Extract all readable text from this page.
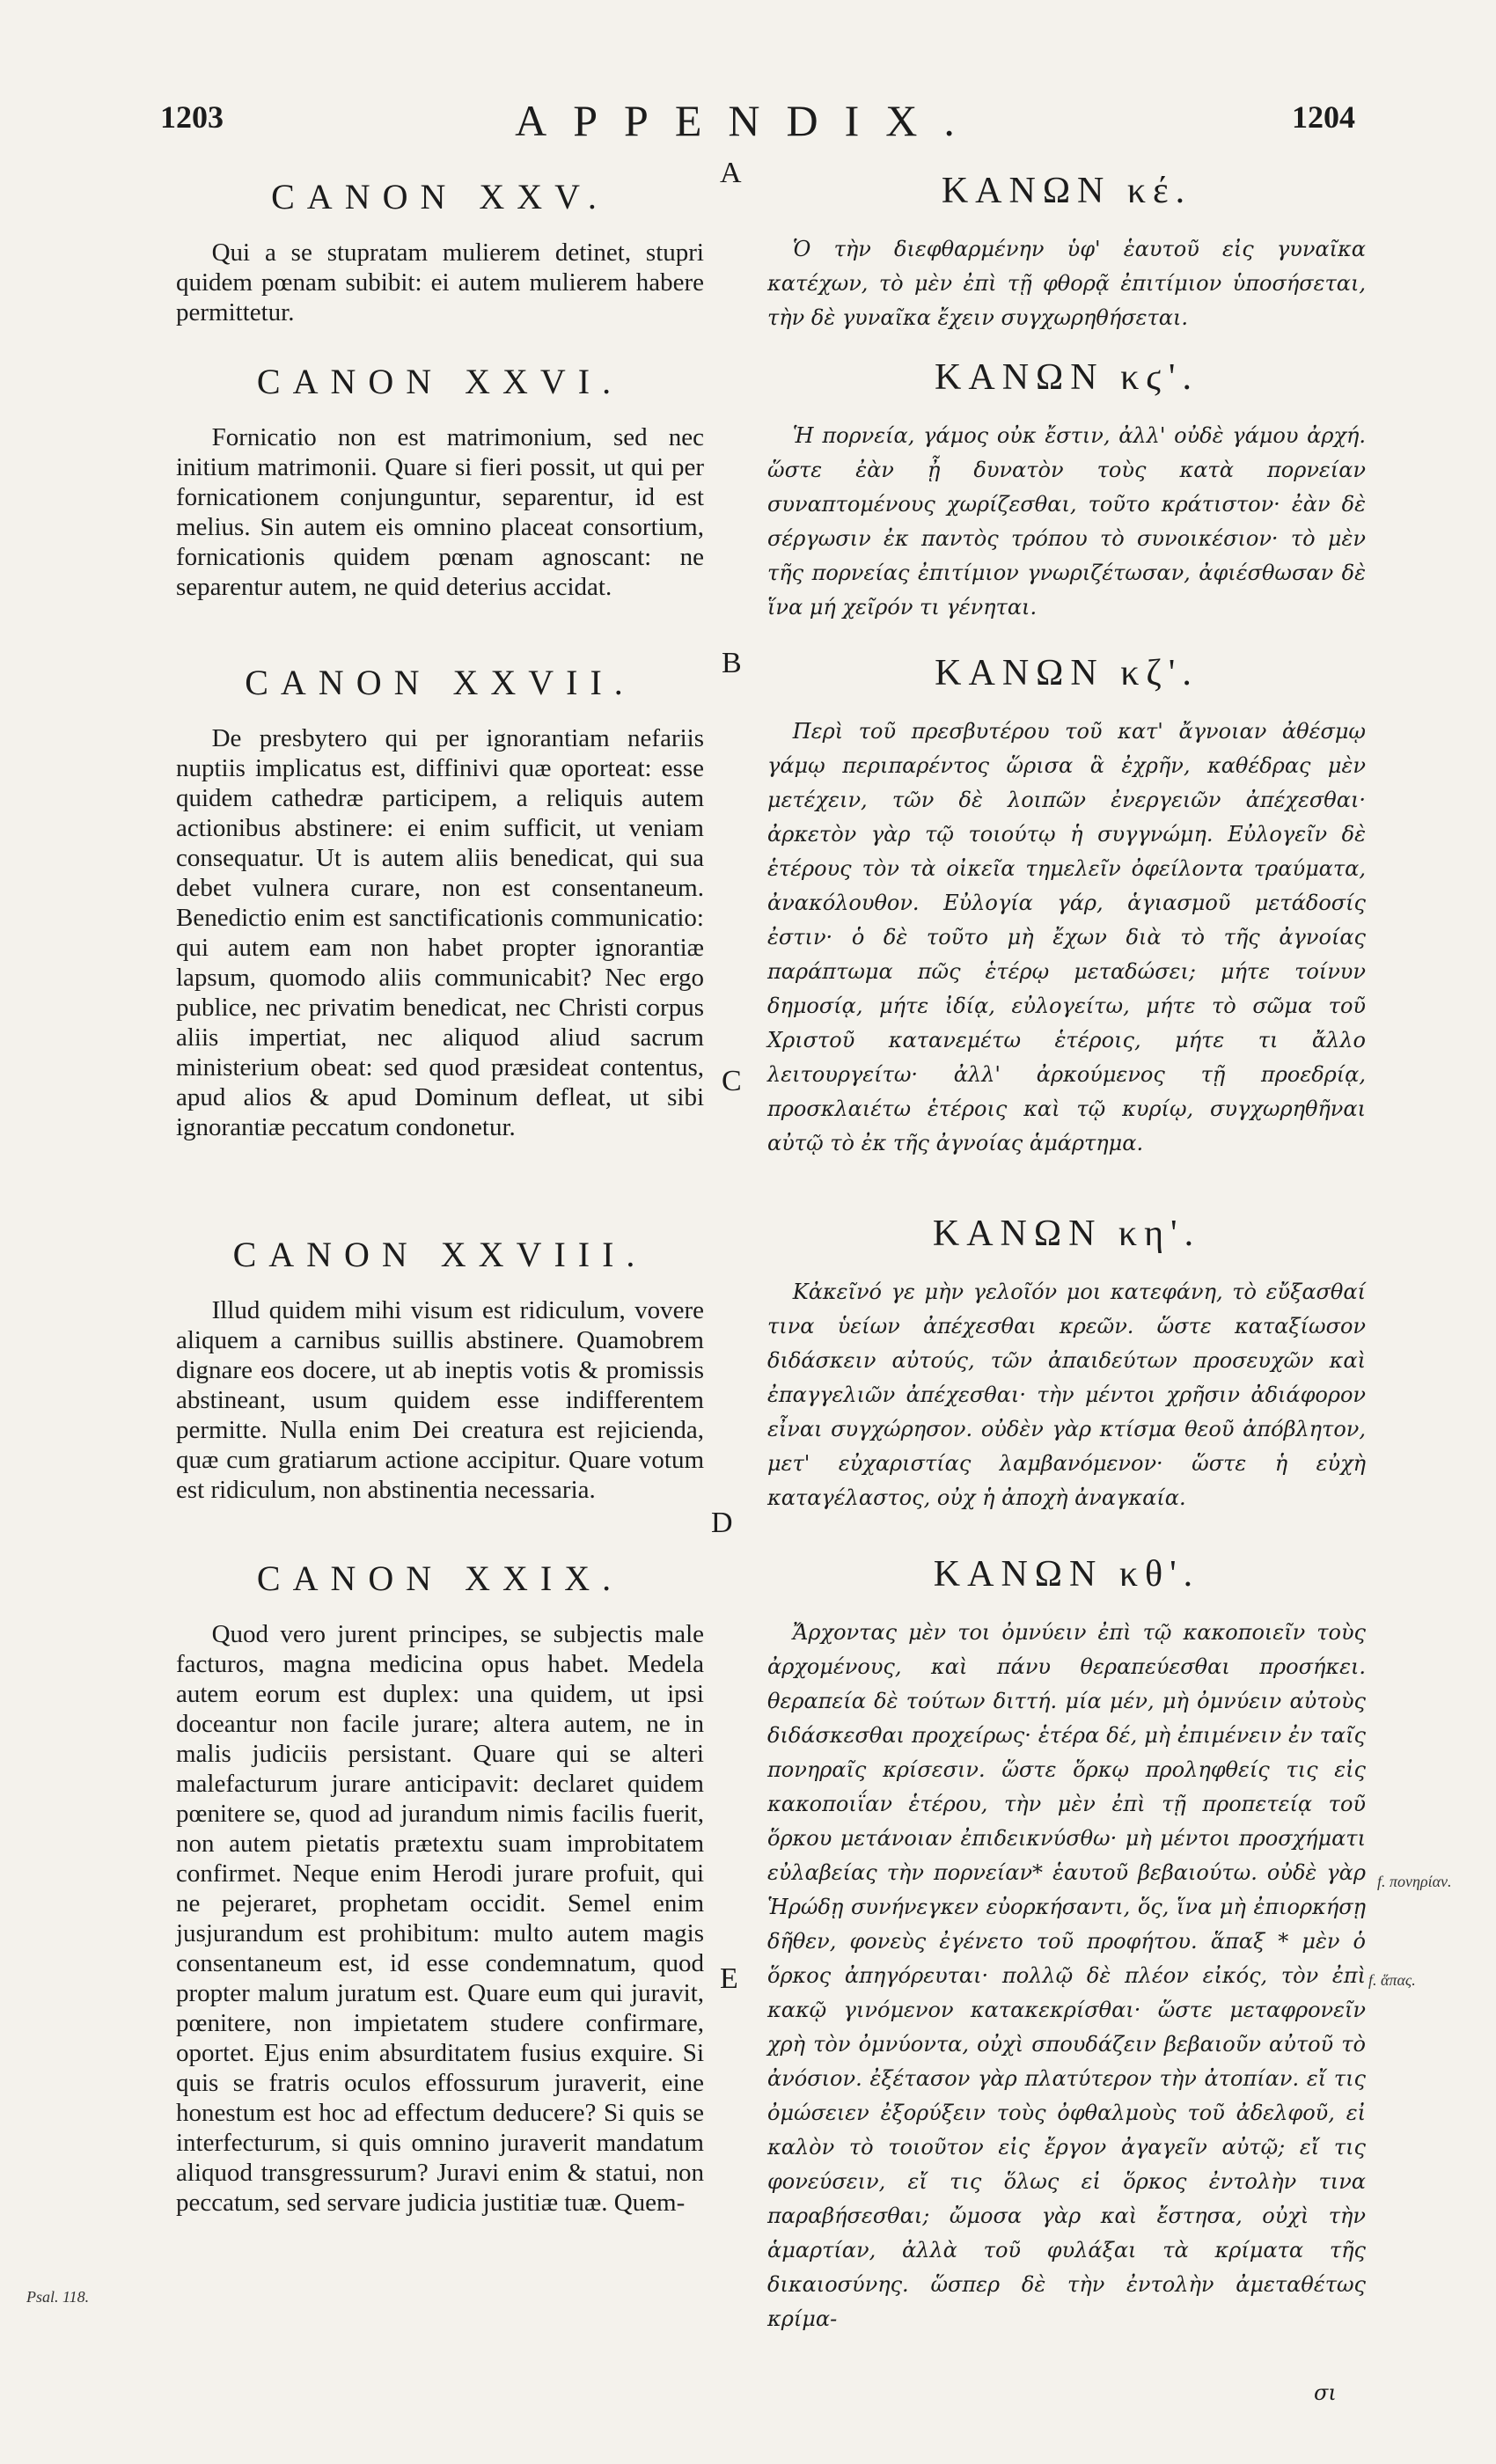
1203	APPENDIX.	1204
A
B
C
D
E
CANON XXV.
Qui a se stupratam mulierem detinet, stupri quidem pœnam subibit: ei autem mulierem habere permittetur.
CANON XXVI.
Fornicatio non est matrimonium, sed nec initium matrimonii. Quare si fieri possit, ut qui per fornicationem conjunguntur, separentur, id est melius. Sin autem eis omnino placeat consortium, fornicationis quidem pœnam agnoscant: ne separentur autem, ne quid deterius accidat.
CANON XXVII.
De presbytero qui per ignorantiam nefariis nuptiis implicatus est, diffinivi quæ oporteat: esse quidem cathedræ participem, a reliquis autem actionibus abstinere: ei enim sufficit, ut veniam consequatur. Ut is autem aliis benedicat, qui sua debet vulnera curare, non est consentaneum. Benedictio enim est sanctificationis communicatio: qui autem eam non habet propter ignorantiæ lapsum, quomodo aliis communicabit? Nec ergo publice, nec privatim benedicat, nec Christi corpus aliis impertiat, nec aliquod aliud sacrum ministerium obeat: sed quod præsideat contentus, apud alios & apud Dominum defleat, ut sibi ignorantiæ peccatum condonetur.
CANON XXVIII.
Illud quidem mihi visum est ridiculum, vovere aliquem a carnibus suillis abstinere. Quamobrem dignare eos docere, ut ab ineptis votis & promissis abstineant, usum quidem esse indifferentem permitte. Nulla enim Dei creatura est rejicienda, quæ cum gratiarum actione accipitur. Quare votum est ridiculum, non abstinentia necessaria.
CANON XXIX.
Quod vero jurent principes, se subjectis male facturos, magna medicina opus habet. Medela autem eorum est duplex: una quidem, ut ipsi doceantur non facile jurare; altera autem, ne in malis judiciis persistant. Quare qui se alteri malefacturum jurare anticipavit: declaret quidem pœnitere se, quod ad jurandum nimis facilis fuerit, non autem pietatis prætextu suam improbitatem confirmet. Neque enim Herodi jurare profuit, qui ne pejeraret, prophetam occidit. Semel enim jusjurandum est prohibitum: multo autem magis consentaneum est, id esse condemnatum, quod propter malum juratum est. Quare eum qui juravit, pœnitere, non impietatem studere confirmare, oportet. Ejus enim absurditatem fusius exquire. Si quis se fratris oculos effossurum juraverit, eine honestum est hoc ad effectum deducere? Si quis se interfecturum, si quis omnino juraverit mandatum aliquod transgressurum? Juravi enim & statui, non peccatum, sed servare judicia justitiæ tuæ. Quem-
ΚΑΝΩΝ κέ.
Ὁ τὴν διεφθαρμένην ὑφ' ἑαυτοῦ εἰς γυναῖκα κατέχων, τὸ μὲν ἐπὶ τῇ φθορᾷ ἐπιτίμιον ὑποσήσεται, τὴν δὲ γυναῖκα ἔχειν συγχωρηθήσεται.
ΚΑΝΩΝ κϛ'.
Ἡ πορνεία, γάμος οὐκ ἔστιν, ἀλλ' οὐδὲ γάμου ἀρχή. ὥστε ἐὰν ᾖ δυνατὸν τοὺς κατὰ πορνείαν συναπτομένους χωρίζεσθαι, τοῦτο κράτιστον· ἐὰν δὲ σέργωσιν ἐκ παντὸς τρόπου τὸ συνοικέσιον· τὸ μὲν τῆς πορνείας ἐπιτίμιον γνωριζέτωσαν, ἀφιέσθωσαν δὲ ἵνα μή χεῖρόν τι γένηται.
ΚΑΝΩΝ κζ'.
Περὶ τοῦ πρεσβυτέρου τοῦ κατ' ἄγνοιαν ἀθέσμῳ γάμῳ περιπαρέντος ὥρισα ἃ ἐχρῆν, καθέδρας μὲν μετέχειν, τῶν δὲ λοιπῶν ἐνεργειῶν ἀπέχεσθαι· ἀρκετὸν γὰρ τῷ τοιούτῳ ἡ συγγνώμη. Εὐλογεῖν δὲ ἑτέρους τὸν τὰ οἰκεῖα τημελεῖν ὀφείλοντα τραύματα, ἀνακόλουθον. Εὐλογία γάρ, ἁγιασμοῦ μετάδοσίς ἐστιν· ὁ δὲ τοῦτο μὴ ἔχων διὰ τὸ τῆς ἀγνοίας παράπτωμα πῶς ἑτέρῳ μεταδώσει; μήτε τοίνυν δημοσίᾳ, μήτε ἰδίᾳ, εὐλογείτω, μήτε τὸ σῶμα τοῦ Χριστοῦ κατανεμέτω ἑτέροις, μήτε τι ἄλλο λειτουργείτω· ἀλλ' ἀρκούμενος τῇ προεδρίᾳ, προσκλαιέτω ἑτέροις καὶ τῷ κυρίῳ, συγχωρηθῆναι αὐτῷ τὸ ἐκ τῆς ἀγνοίας ἁμάρτημα.
ΚΑΝΩΝ κη'.
Κἀκεῖνό γε μὴν γελοῖόν μοι κατεφάνη, τὸ εὔξασθαί τινα ὑείων ἀπέχεσθαι κρεῶν. ὥστε καταξίωσον διδάσκειν αὐτούς, τῶν ἀπαιδεύτων προσευχῶν καὶ ἐπαγγελιῶν ἀπέχεσθαι· τὴν μέντοι χρῆσιν ἀδιάφορον εἶναι συγχώρησον. οὐδὲν γὰρ κτίσμα θεοῦ ἀπόβλητον, μετ' εὐχαριστίας λαμβανόμενον· ὥστε ἡ εὐχὴ καταγέλαστος, οὐχ ἡ ἀποχὴ ἀναγκαία.
ΚΑΝΩΝ κθ'.
Ἄρχοντας μὲν τοι ὀμνύειν ἐπὶ τῷ κακοποιεῖν τοὺς ἀρχομένους, καὶ πάνυ θεραπεύεσθαι προσήκει. θεραπεία δὲ τούτων διττή. μία μέν, μὴ ὀμνύειν αὐτοὺς διδάσκεσθαι προχείρως· ἑτέρα δέ, μὴ ἐπιμένειν ἐν ταῖς πονηραῖς κρίσεσιν. ὥστε ὅρκῳ προληφθείς τις εἰς κακοποιΐαν ἑτέρου, τὴν μὲν ἐπὶ τῇ προπετείᾳ τοῦ ὅρκου μετάνοιαν ἐπιδεικνύσθω· μὴ μέντοι προσχήματι εὐλαβείας τὴν πορνείαν* ἑαυτοῦ βεβαιούτω. οὐδὲ γὰρ Ἡρώδῃ συνήνεγκεν εὐορκήσαντι, ὅς, ἵνα μὴ ἐπιορκήσῃ δῆθεν, φονεὺς ἐγένετο τοῦ προφήτου. ἅπαξ * μὲν ὁ ὅρκος ἀπηγόρευται· πολλῷ δὲ πλέον εἰκός, τὸν ἐπὶ κακῷ γινόμενον κατακεκρίσθαι· ὥστε μεταφρονεῖν χρὴ τὸν ὀμνύοντα, οὐχὶ σπουδάζειν βεβαιοῦν αὐτοῦ τὸ ἀνόσιον. ἐξέτασον γὰρ πλατύτερον τὴν ἀτοπίαν. εἴ τις ὀμώσειεν ἐξορύξειν τοὺς ὀφθαλμοὺς τοῦ ἀδελφοῦ, εἰ καλὸν τὸ τοιοῦτον εἰς ἔργον ἀγαγεῖν αὐτῷ; εἴ τις φονεύσειν, εἴ τις ὅλως εἰ ὅρκος ἐντολὴν τινα παραβήσεσθαι; ὤμοσα γὰρ καὶ ἔστησα, οὐχὶ τὴν ἁμαρτίαν, ἀλλὰ τοῦ φυλάξαι τὰ κρίματα τῆς δικαιοσύνης. ὥσπερ δὲ τὴν ἐντολὴν ἀμεταθέτως κρίμα-
Psal. 118.
f. πονηρίαν.
f. ἅπας.
σι
